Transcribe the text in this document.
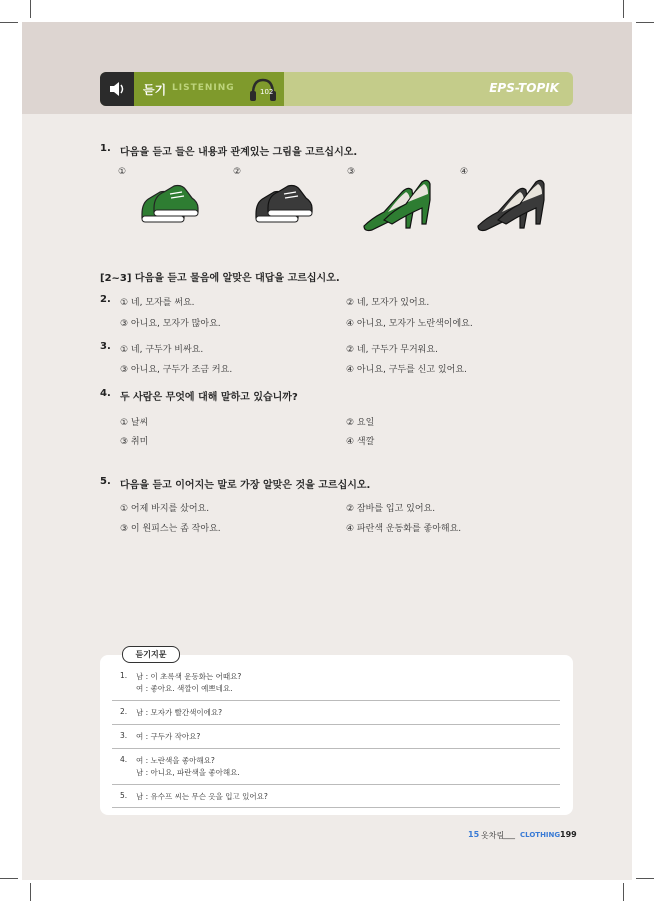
듣기 LISTENING	102	EPS-TOPIK
1. 다음을 듣고 들은 내용과 관계있는 그림을 고르십시오.
①	②	③	④
[2~3] 다음을 듣고 물음에 알맞은 대답을 고르십시오.
2. ① 네, 모자를 써요.	② 네, 모자가 있어요.
③ 아니요, 모자가 많아요.	④ 아니요, 모자가 노란색이에요.
3. ① 네, 구두가 비싸요.	② 네, 구두가 무거워요.
③ 아니요, 구두가 조금 커요.	④ 아니요, 구두를 신고 있어요.
4. 두 사람은 무엇에 대해 말하고 있습니까?
① 날씨	② 요일
③ 취미	④ 색깔
5. 다음을 듣고 이어지는 말로 가장 알맞은 것을 고르십시오.
① 어제 바지를 샀어요.	② 잠바를 입고 있어요.
③ 이 원피스는 좀 작아요.	④ 파란색 운동화를 좋아해요.
듣기지문
1. 남 : 이 초록색 운동화는 어때요?
여 : 좋아요. 색깔이 예쁘네요.
2. 남 : 모자가 빨간색이에요?
3. 여 : 구두가 작아요?
4. 여 : 노란색을 좋아해요?
남 : 아니요, 파란색을 좋아해요.
5. 남 : 유수프 씨는 무슨 옷을 입고 있어요?
15 옷차림
___ CLOTHING 199
